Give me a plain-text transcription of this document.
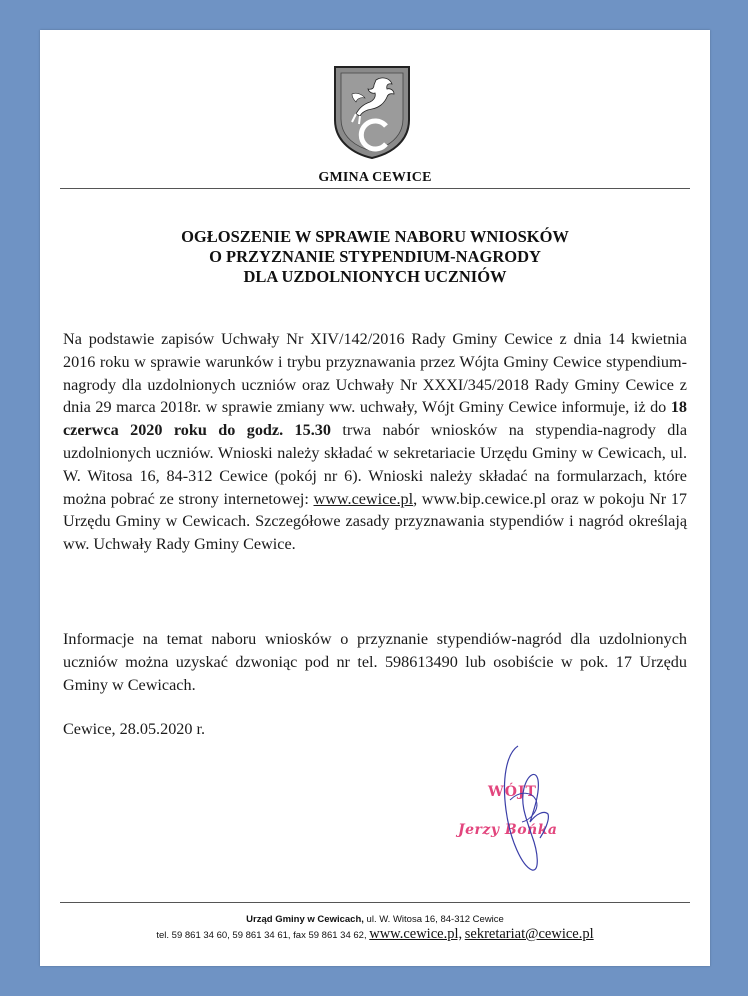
C
GMINA CEWICE
OGŁOSZENIE W SPRAWIE NABORU WNIOSKÓW
O PRZYZNANIE STYPENDIUM-NAGRODY
DLA UZDOLNIONYCH UCZNIÓW
Na podstawie zapisów Uchwały Nr XIV/142/2016 Rady Gminy Cewice z dnia 14 kwietnia 2016 roku w sprawie warunków i trybu przyznawania przez Wójta Gminy Cewice stypendium-nagrody dla uzdolnionych uczniów oraz Uchwały Nr XXXI/345/2018 Rady Gminy Cewice z dnia 29 marca 2018r. w sprawie zmiany ww. uchwały, Wójt Gminy Cewice informuje, iż do 18 czerwca 2020 roku do godz. 15.30 trwa nabór wniosków na stypendia-nagrody dla uzdolnionych uczniów. Wnioski należy składać w sekretariacie Urzędu Gminy w Cewicach, ul. W. Witosa 16, 84-312 Cewice (pokój nr 6). Wnioski należy składać na formularzach, które można pobrać ze strony internetowej: www.cewice.pl, www.bip.cewice.pl oraz w pokoju Nr 17 Urzędu Gminy w Cewicach. Szczegółowe zasady przyznawania stypendiów i nagród określają ww. Uchwały Rady Gminy Cewice.
Informacje na temat naboru wniosków o przyznanie stypendiów-nagród dla uzdolnionych uczniów można uzyskać dzwoniąc pod nr tel. 598613490 lub osobiście w pok. 17 Urzędu Gminy w Cewicach.
Cewice, 28.05.2020 r.
WÓJT
Jerzy Bońka
Urząd Gminy w Cewicach, ul. W. Witosa 16, 84-312 Cewice
tel. 59 861 34 60, 59 861 34 61, fax 59 861 34 62, www.cewice.pl, sekretariat@cewice.pl
